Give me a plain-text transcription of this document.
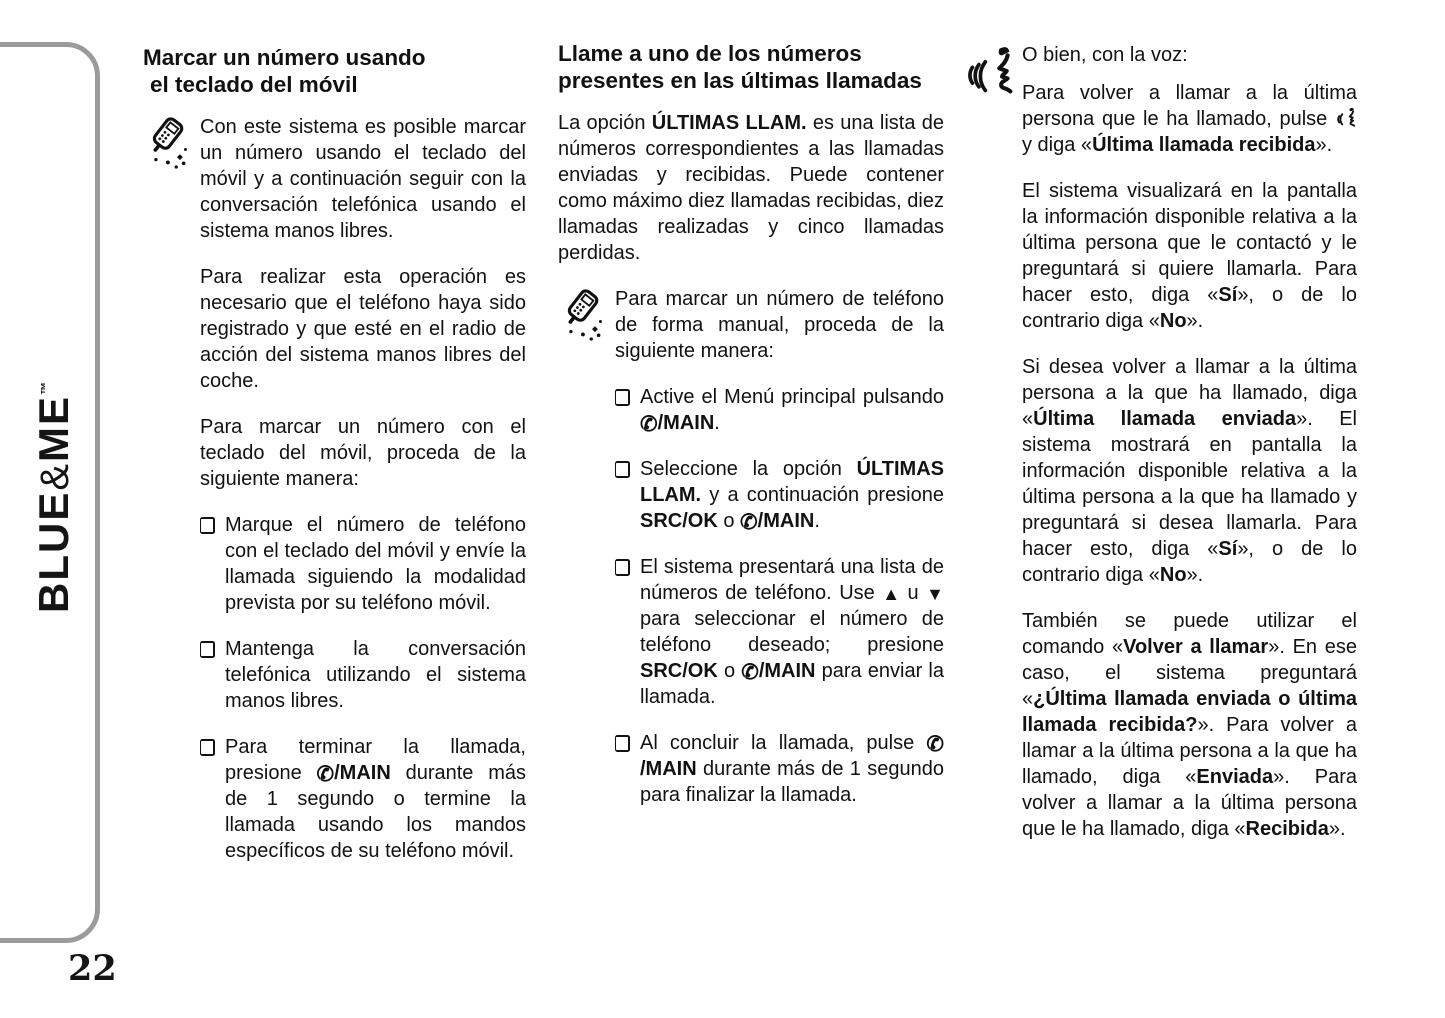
BLUE&ME™
22
Marcar un número usando
el teclado del móvil

Con este sistema es posible marcar un número usando el teclado del móvil y a continuación seguir con la conversación telefónica usando el sistema manos libres.

Para realizar esta operación es necesario que el teléfono haya sido registrado y que esté en el radio de acción del sistema manos libres del coche.

Para marcar un número con el teclado del móvil, proceda de la siguiente manera:

Marque el número de teléfono con el teclado del móvil y envíe la llamada siguiendo la modalidad prevista por su teléfono móvil.
Mantenga la conversación telefónica utilizando el sistema manos libres.
Para terminar la llamada, presione ✆/MAIN durante más de 1 segundo o termine la llamada usando los mandos específicos de su teléfono móvil.
Llame a uno de los números
presentes en las últimas llamadas

La opción ÚLTIMAS LLAM. es una lista de números correspondientes a las llamadas enviadas y recibidas. Puede contener como máximo diez llamadas recibidas, diez llamadas realizadas y cinco llamadas perdidas.

Para marcar un número de teléfono de forma manual, proceda de la siguiente manera:

Active el Menú principal pulsando ✆/MAIN.
Seleccione la opción ÚLTIMAS LLAM. y a continuación presione SRC/OK o ✆/MAIN.
El sistema presentará una lista de números de teléfono. Use ▲ u ▼ para seleccionar el número de teléfono deseado; presione SRC/OK o ✆/MAIN para enviar la llamada.
Al concluir la llamada, pulse ✆/MAIN durante más de 1 segundo para finalizar la llamada.

O bien, con la voz:

Para volver a llamar a la última persona que le ha llamado, pulse  y diga «Última llamada recibida».

El sistema visualizará en la pantalla la información disponible relativa a la última persona que le contactó y le preguntará si quiere llamarla. Para hacer esto, diga «Sí», o de lo contrario diga «No».

Si desea volver a llamar a la última persona a la que ha llamado, diga «Última llamada enviada». El sistema mostrará en pantalla la información disponible relativa a la última persona a la que ha llamado y preguntará si desea llamarla. Para hacer esto, diga «Sí», o de lo contrario diga «No».

También se puede utilizar el comando «Volver a llamar». En ese caso, el sistema preguntará «¿Última llamada enviada o última llamada recibida?». Para volver a llamar a la última persona a la que ha llamado, diga «Enviada». Para volver a llamar a la última persona que le ha llamado, diga «Recibida».
